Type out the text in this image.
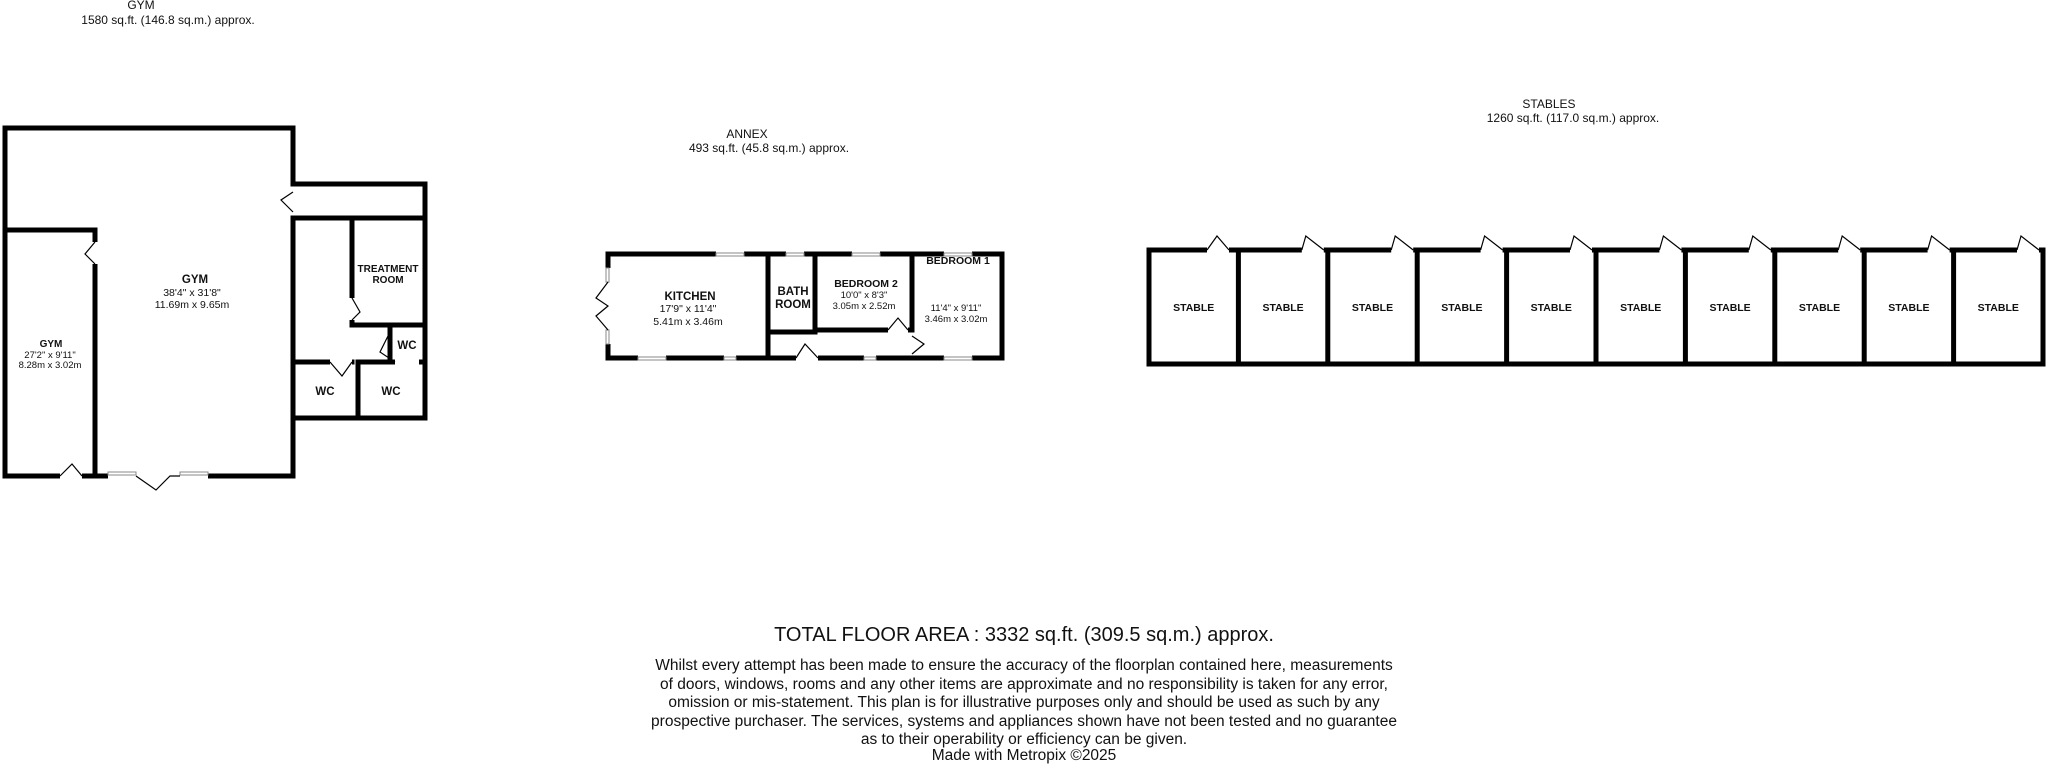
GYM
1580 sq.ft. (146.8 sq.m.) approx.
GYM
38'4" x 31'8"
11.69m x 9.65m
GYM
27'2" x 9'11"
8.28m x 3.02m
TREATMENT
ROOM
WC
WC	WC
ANNEX
493 sq.ft. (45.8 sq.m.) approx.
KITCHEN
17'9" x 11'4"
5.41m x 3.46m
BATH
ROOM
BEDROOM 2
10'0" x 8'3"
3.05m x 2.52m
BEDROOM 1
11'4" x 9'11"
3.46m x 3.02m
STABLES
1260 sq.ft. (117.0 sq.m.) approx.
STABLE	STABLE	STABLE	STABLE	STABLE	STABLE	STABLE	STABLE	STABLE	STABLE
TOTAL FLOOR AREA : 3332 sq.ft. (309.5 sq.m.) approx.
Whilst every attempt has been made to ensure the accuracy of the floorplan contained here, measurements
of doors, windows, rooms and any other items are approximate and no responsibility is taken for any error,
omission or mis-statement. This plan is for illustrative purposes only and should be used as such by any
prospective purchaser. The services, systems and appliances shown have not been tested and no guarantee
as to their operability or efficiency can be given.
Made with Metropix ©2025
